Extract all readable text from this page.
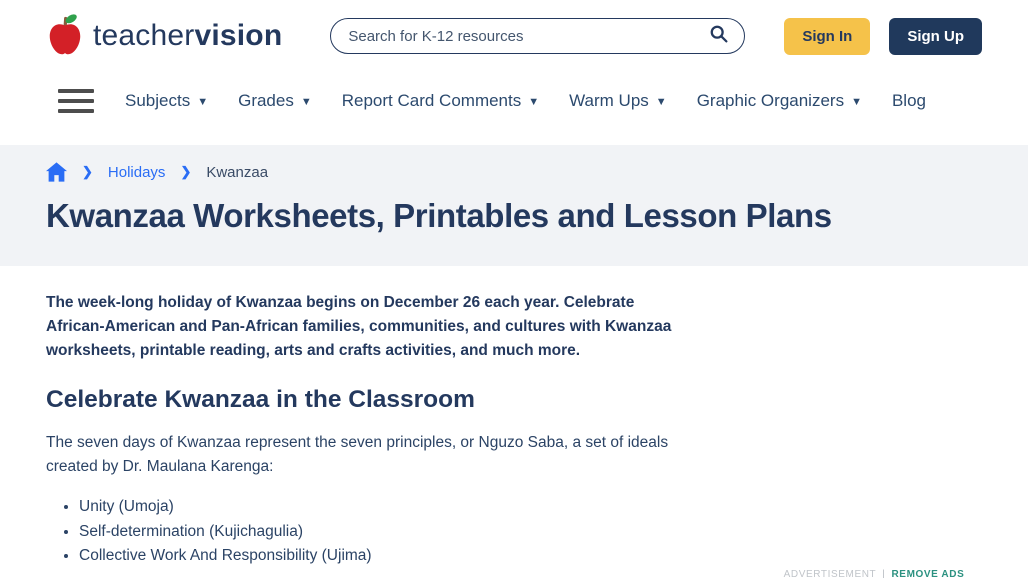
teachervision
Search for K-12 resources	Sign In	Sign Up
Subjects ▼ Grades ▼ Report Card Comments ▼ Warm Ups ▼ Graphic Organizers ▼ Blog
❯ Holidays ❯ Kwanzaa
Kwanzaa Worksheets, Printables and Lesson Plans

The week-long holiday of Kwanzaa begins on December 26 each year. Celebrate African-American and Pan-African families, communities, and cultures with Kwanzaa worksheets, printable reading, arts and crafts activities, and much more.

Celebrate Kwanzaa in the Classroom

The seven days of Kwanzaa represent the seven principles, or Nguzo Saba, a set of ideals created by Dr. Maulana Karenga:

• Unity (Umoja)
• Self-determination (Kujichagulia)
• Collective Work And Responsibility (Ujima)
ADVERTISEMENT | REMOVE ADS
